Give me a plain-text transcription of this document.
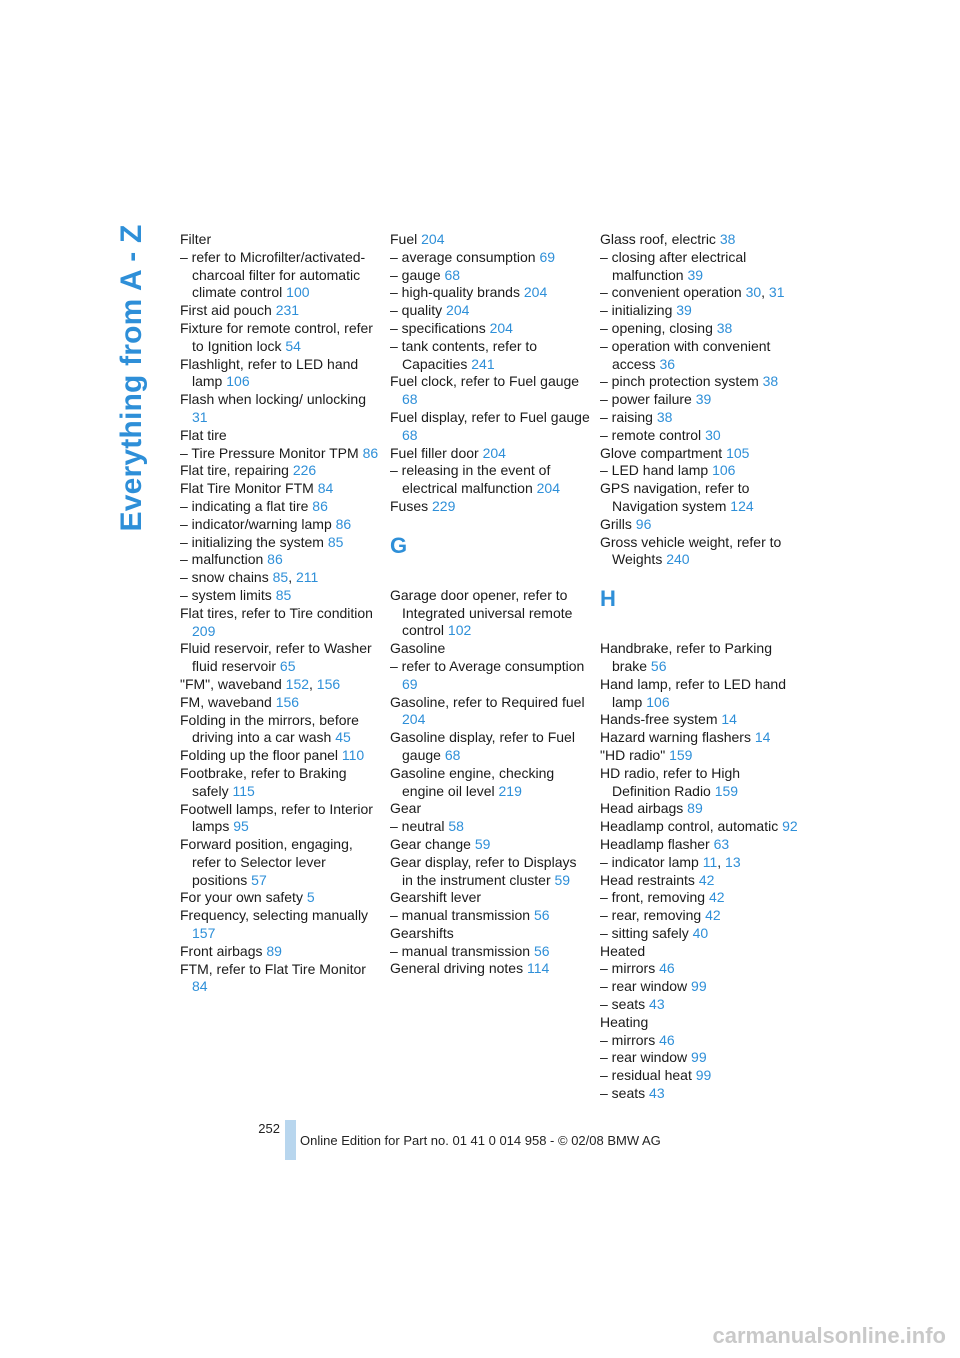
Everything from A - Z Filter

– refer to Microfilter/activated-charcoal filter for automatic climate control 100

First aid pouch 231

Fixture for remote control, refer to Ignition lock 54

Flashlight, refer to LED hand lamp 106

Flash when locking/ unlocking 31

Flat tire

– Tire Pressure Monitor TPM 86

Flat tire, repairing 226

Flat Tire Monitor FTM 84

– indicating a flat tire 86

– indicator/warning lamp 86

– initializing the system 85

– malfunction 86

– snow chains 85, 211

– system limits 85

Flat tires, refer to Tire condition 209

Fluid reservoir, refer to Washer fluid reservoir 65

"FM", waveband 152, 156

FM, waveband 156

Folding in the mirrors, before driving into a car wash 45

Folding up the floor panel 110

Footbrake, refer to Braking safely 115

Footwell lamps, refer to Interior lamps 95

Forward position, engaging, refer to Selector lever positions 57

For your own safety 5

Frequency, selecting manually 157

Front airbags 89

FTM, refer to Flat Tire Monitor 84

Fuel 204

– average consumption 69

– gauge 68

– high-quality brands 204

– quality 204

– specifications 204

– tank contents, refer to Capacities 241

Fuel clock, refer to Fuel gauge 68

Fuel display, refer to Fuel gauge 68

Fuel filler door 204

– releasing in the event of electrical malfunction 204

Fuses 229

G

Garage door opener, refer to Integrated universal remote control 102

Gasoline

– refer to Average consumption 69

Gasoline, refer to Required fuel 204

Gasoline display, refer to Fuel gauge 68

Gasoline engine, checking engine oil level 219

Gear

– neutral 58

Gear change 59

Gear display, refer to Displays in the instrument cluster 59

Gearshift lever

– manual transmission 56

Gearshifts

– manual transmission 56

General driving notes 114

Glass roof, electric 38

– closing after electrical malfunction 39

– convenient operation 30, 31

– initializing 39

– opening, closing 38

– operation with convenient access 36

– pinch protection system 38

– power failure 39

– raising 38

– remote control 30

Glove compartment 105

– LED hand lamp 106

GPS navigation, refer to Navigation system 124

Grills 96

Gross vehicle weight, refer to Weights 240

H

Handbrake, refer to Parking brake 56

Hand lamp, refer to LED hand lamp 106

Hands-free system 14

Hazard warning flashers 14

"HD radio" 159

HD radio, refer to High Definition Radio 159

Head airbags 89

Headlamp control, automatic 92

Headlamp flasher 63

– indicator lamp 11, 13

Head restraints 42

– front, removing 42

– rear, removing 42

– sitting safely 40

Heated

– mirrors 46

– rear window 99

– seats 43

Heating

– mirrors 46

– rear window 99

– residual heat 99

– seats 43

252
Online Edition for Part no. 01 41 0 014 958 - © 02/08 BMW AG
carmanualsonline.info
